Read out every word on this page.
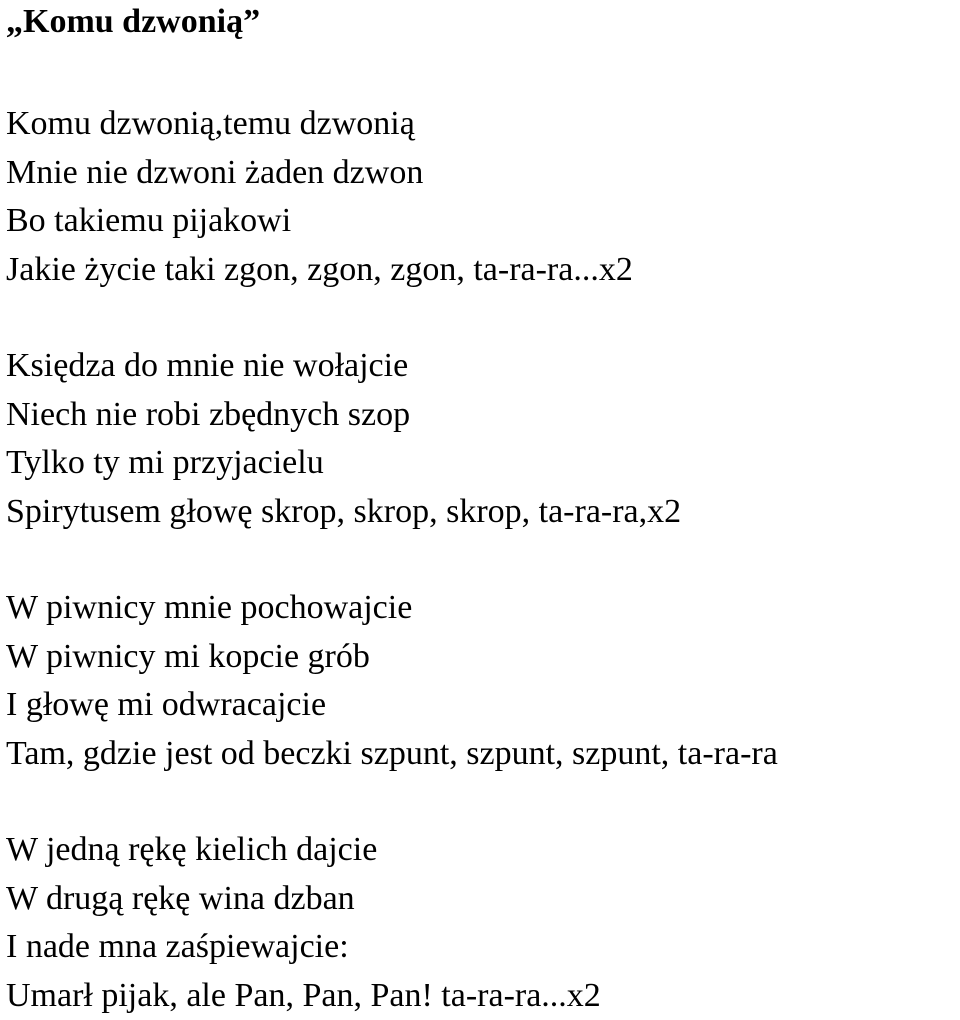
„Komu dzwonią”
Komu dzwonią,temu dzwonią
Mnie nie dzwoni żaden dzwon
Bo takiemu pijakowi
Jakie życie taki zgon, zgon, zgon, ta-ra-ra...x2
Księdza do mnie nie wołajcie
Niech nie robi zbędnych szop
Tylko ty mi przyjacielu
Spirytusem głowę skrop, skrop, skrop, ta-ra-ra,x2
W piwnicy mnie pochowajcie
W piwnicy mi kopcie grób
I głowę mi odwracajcie
Tam, gdzie jest od beczki szpunt, szpunt, szpunt, ta-ra-ra
W jedną rękę kielich dajcie
W drugą rękę wina dzban
I nade mna zaśpiewajcie:
Umarł pijak, ale Pan, Pan, Pan! ta-ra-ra...x2
